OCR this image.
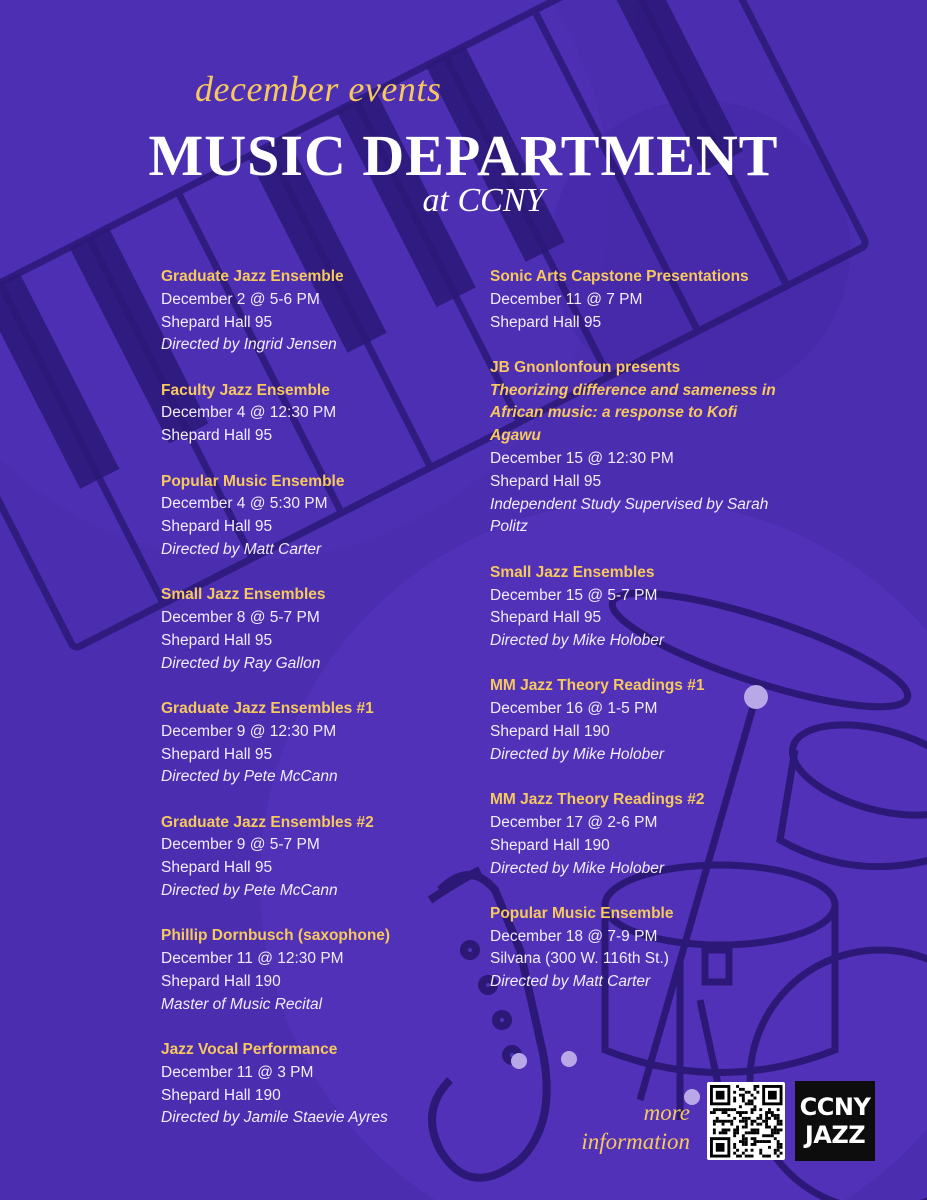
december events

MUSIC DEPARTMENT

at CCNY

Graduate Jazz Ensemble
December 2 @ 5-6 PM
Shepard Hall 95
Directed by Ingrid Jensen
Faculty Jazz Ensemble
December 4 @ 12:30 PM
Shepard Hall 95
Popular Music Ensemble
December 4 @ 5:30 PM
Shepard Hall 95
Directed by Matt Carter
Small Jazz Ensembles
December 8 @ 5-7 PM
Shepard Hall 95
Directed by Ray Gallon
Graduate Jazz Ensembles #1
December 9 @ 12:30 PM
Shepard Hall 95
Directed by Pete McCann
Graduate Jazz Ensembles #2
December 9 @ 5-7 PM
Shepard Hall 95
Directed by Pete McCann
Phillip Dornbusch (saxophone)
December 11 @ 12:30 PM
Shepard Hall 190
Master of Music Recital
Jazz Vocal Performance
December 11 @ 3 PM
Shepard Hall 190
Directed by Jamile Staevie Ayres
Sonic Arts Capstone Presentations
December 11 @ 7 PM
Shepard Hall 95
JB Gnonlonfoun presents
Theorizing difference and sameness in African music: a response to Kofi Agawu
December 15 @ 12:30 PM
Shepard Hall 95
Independent Study Supervised by Sarah Politz
Small Jazz Ensembles
December 15 @ 5-7 PM
Shepard Hall 95
Directed by Mike Holober
MM Jazz Theory Readings #1
December 16 @ 1-5 PM
Shepard Hall 190
Directed by Mike Holober
MM Jazz Theory Readings #2
December 17 @ 2-6 PM
Shepard Hall 190
Directed by Mike Holober
Popular Music Ensemble
December 18 @ 7-9 PM
Silvana (300 W. 116th St.)
Directed by Matt Carter
more information
CCNY
JAZZ
